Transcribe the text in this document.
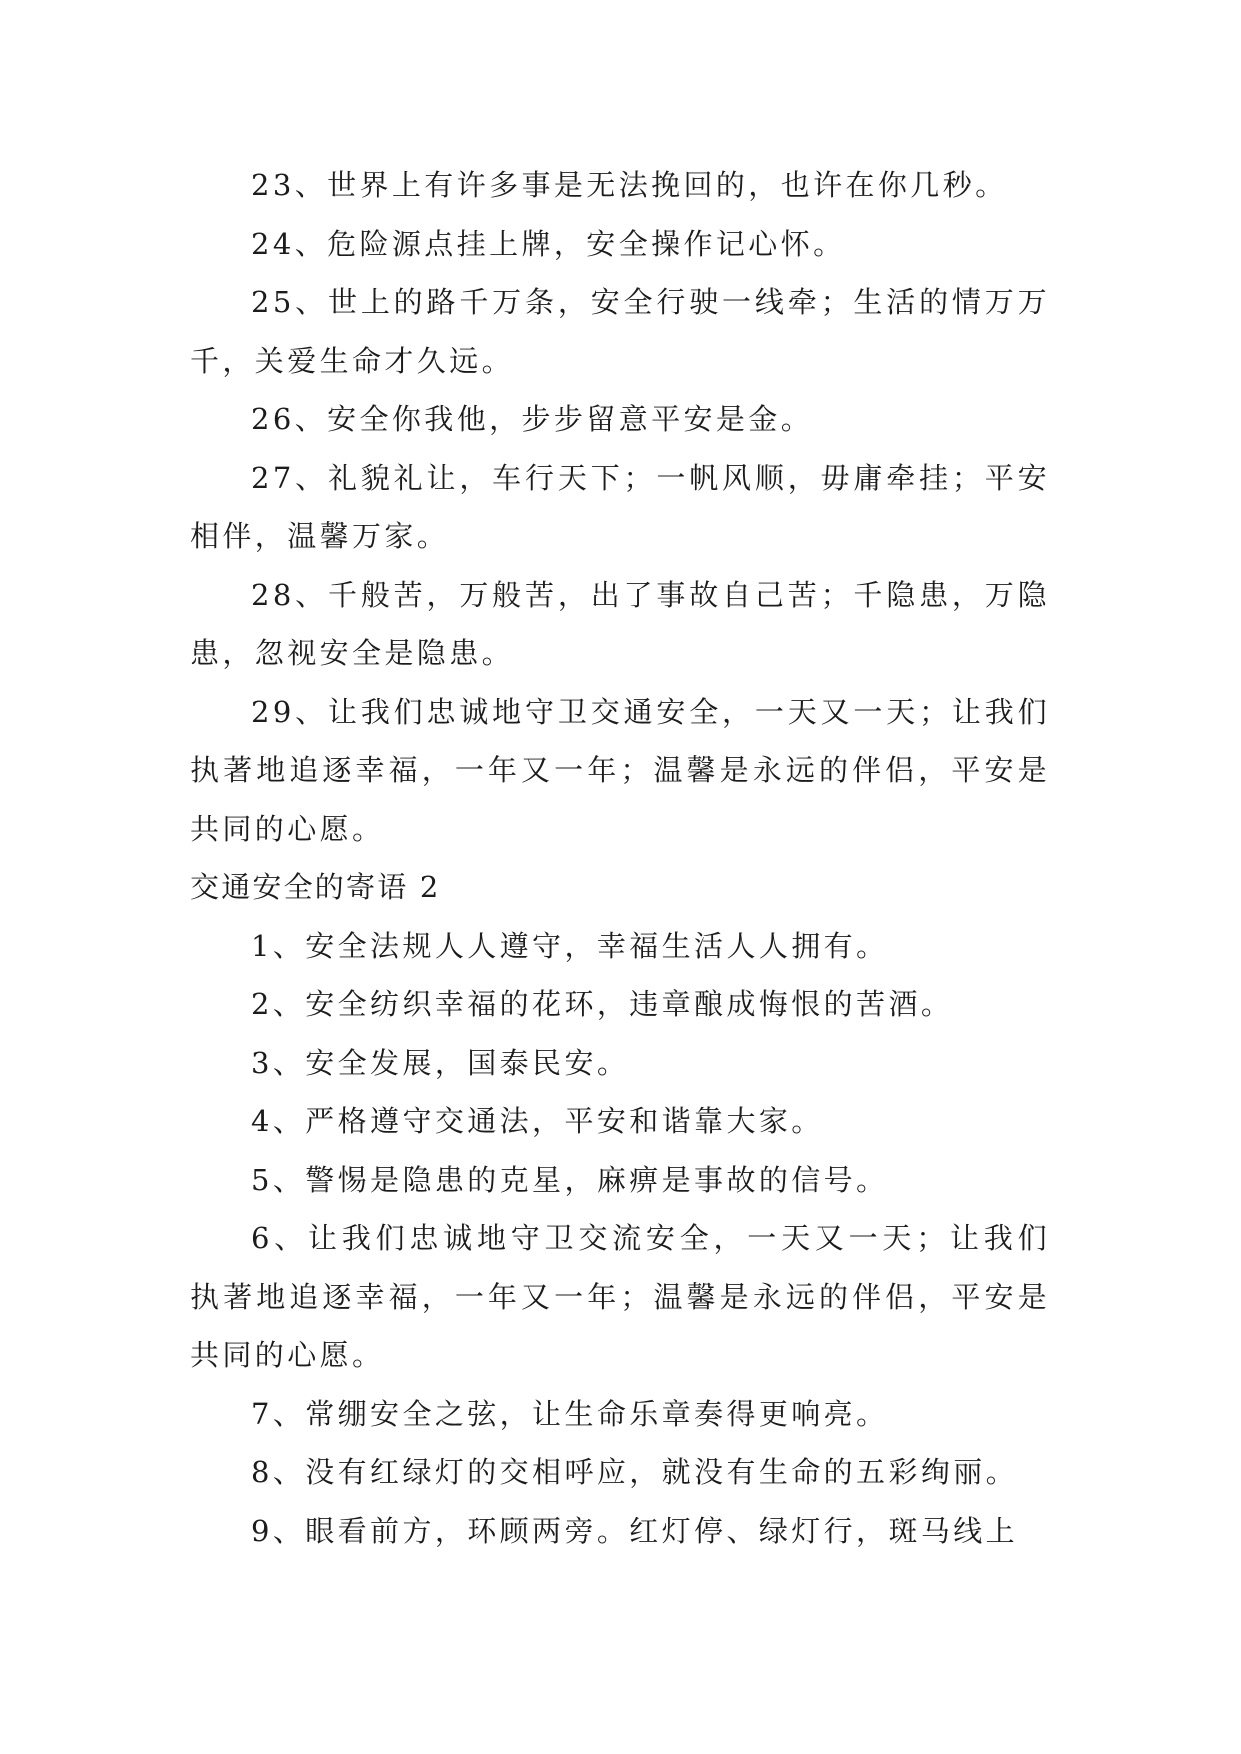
23、世界上有许多事是无法挽回的，也许在你几秒。

24、危险源点挂上牌，安全操作记心怀。

25、世上的路千万条，安全行驶一线牵；生活的情万万千，关爱生命才久远。

26、安全你我他，步步留意平安是金。

27、礼貌礼让，车行天下；一帆风顺，毋庸牵挂；平安相伴，温馨万家。

28、千般苦，万般苦，出了事故自己苦；千隐患，万隐患，忽视安全是隐患。

29、让我们忠诚地守卫交通安全，一天又一天；让我们执著地追逐幸福，一年又一年；温馨是永远的伴侣，平安是共同的心愿。

交通安全的寄语 2

1、安全法规人人遵守，幸福生活人人拥有。

2、安全纺织幸福的花环，违章酿成悔恨的苦酒。

3、安全发展，国泰民安。

4、严格遵守交通法，平安和谐靠大家。

5、警惕是隐患的克星，麻痹是事故的信号。

6、让我们忠诚地守卫交流安全，一天又一天；让我们执著地追逐幸福，一年又一年；温馨是永远的伴侣，平安是共同的心愿。

7、常绷安全之弦，让生命乐章奏得更响亮。

8、没有红绿灯的交相呼应，就没有生命的五彩绚丽。

9、眼看前方，环顾两旁。红灯停、绿灯行，斑马线上
